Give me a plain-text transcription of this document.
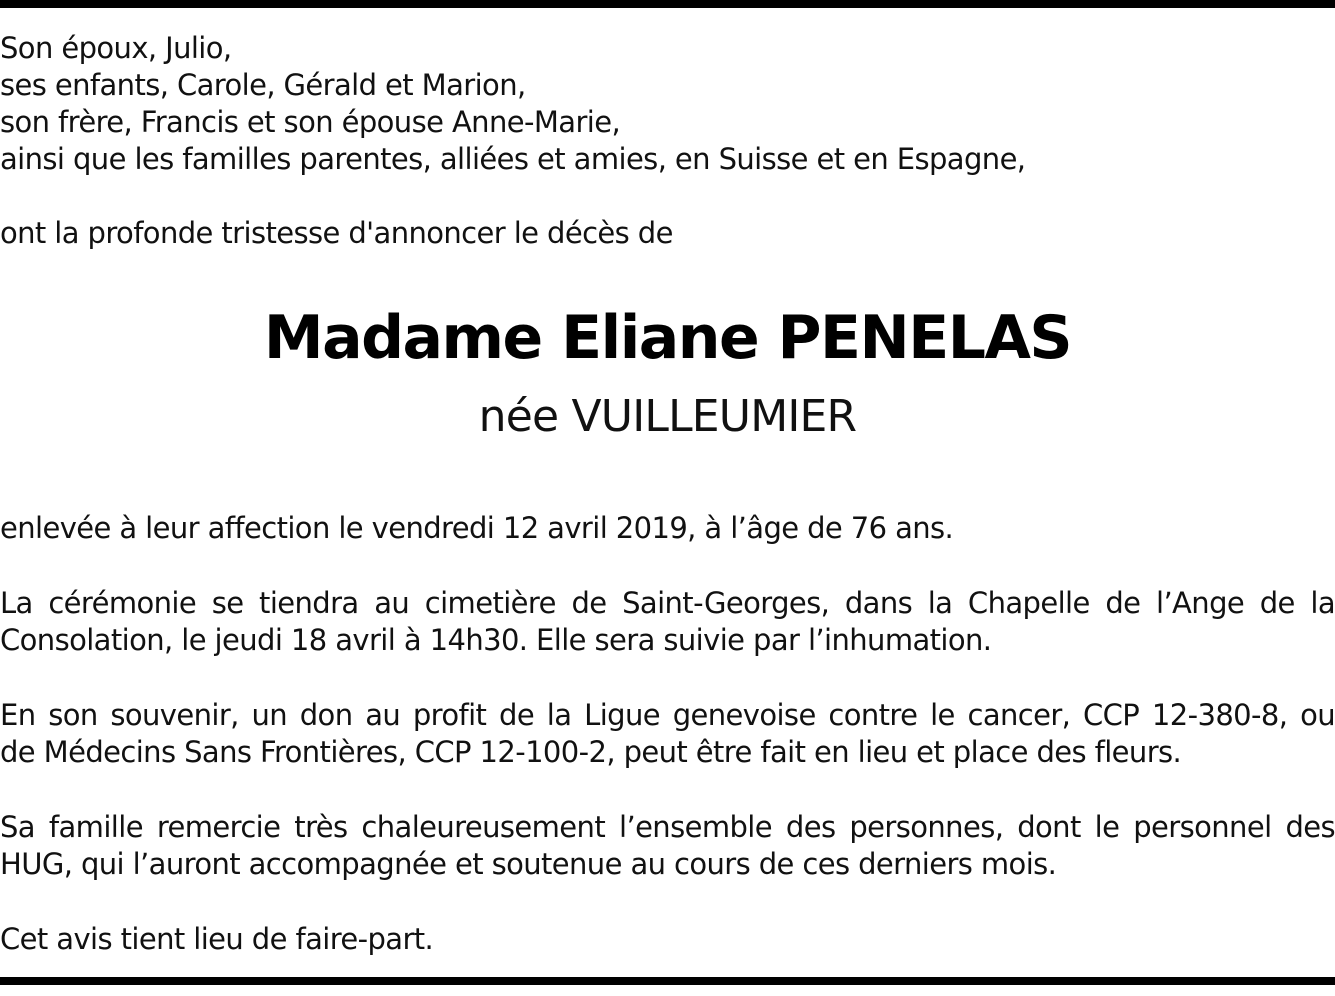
Son époux, Julio,
ses enfants, Carole, Gérald et Marion,
son frère, Francis et son épouse Anne-Marie,
ainsi que les familles parentes, alliées et amies, en Suisse et en Espagne,
ont la profonde tristesse d'annoncer le décès de
Madame Eliane PENELAS
née VUILLEUMIER
enlevée à leur affection le vendredi 12 avril 2019, à l’âge de 76 ans.
La cérémonie se tiendra au cimetière de Saint-Georges, dans la Chapelle de l’Ange de la
Consolation, le jeudi 18 avril à 14h30. Elle sera suivie par l’inhumation.
En son souvenir, un don au profit de la Ligue genevoise contre le cancer, CCP 12-380-8, ou
de Médecins Sans Frontières, CCP 12-100-2, peut être fait en lieu et place des fleurs.
Sa famille remercie très chaleureusement l’ensemble des personnes, dont le personnel des
HUG, qui l’auront accompagnée et soutenue au cours de ces derniers mois.
Cet avis tient lieu de faire-part.
